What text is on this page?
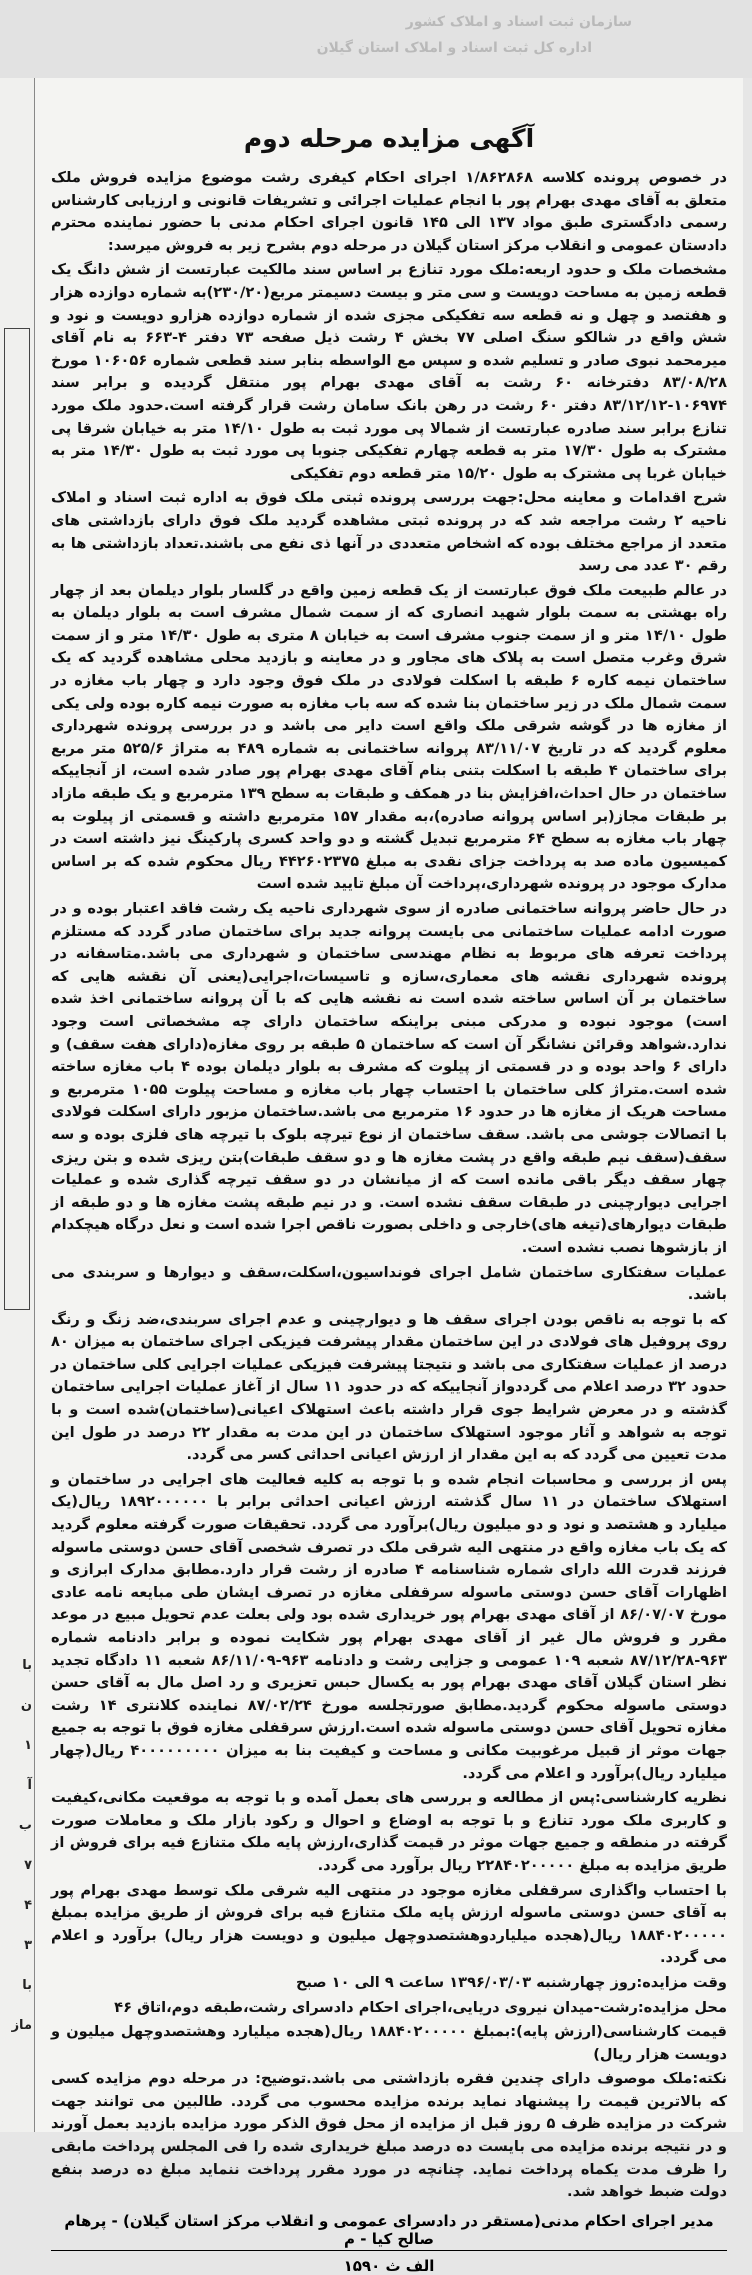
سازمان ثبت اسناد و املاک کشور
اداره کل ثبت اسناد و املاک استان گیلان
با
ن
۱
آ
ب
۷
۴
۳
با
ماز
آگهی مزایده مرحله دوم

در خصوص پرونده کلاسه ۱/۸۶۲۸۶۸ اجرای احکام کیفری رشت موضوع مزایده فروش ملک متعلق به آقای مهدی بهرام پور با انجام عملیات اجرائی و تشریفات قانونی و ارزیابی کارشناس رسمی دادگستری طبق مواد ۱۳۷ الی ۱۴۵ قانون اجرای احکام مدنی با حضور نماینده محترم دادستان عمومی و انقلاب مرکز استان گیلان در مرحله دوم بشرح زیر به فروش میرسد:

مشخصات ملک و حدود اربعه:ملک مورد تنازع بر اساس سند مالکیت عبارتست از شش دانگ یک قطعه زمین به مساحت دویست و سی متر و بیست دسیمتر مربع(۲۳۰/۲۰)به شماره دوازده هزار و هفتصد و چهل و نه قطعه سه تفکیکی مجزی شده از شماره دوازده هزارو دویست و نود و شش واقع در شالکو سنگ اصلی ۷۷ بخش ۴ رشت ذیل صفحه ۷۳ دفتر ۴-۶۶۳ به نام آقای میرمحمد نبوی صادر و تسلیم شده و سپس مع الواسطه بنابر سند قطعی شماره ۱۰۶۰۵۶ مورخ ۸۳/۰۸/۲۸ دفترخانه ۶۰ رشت به آقای مهدی بهرام پور منتقل گردیده و برابر سند ۱۰۶۹۷۴-۸۳/۱۲/۱۲ دفتر ۶۰ رشت در رهن بانک سامان رشت قرار گرفته است.حدود ملک مورد تنازع برابر سند صادره عبارتست از شمالا پی مورد ثبت به طول ۱۴/۱۰ متر به خیابان شرقا پی مشترک به طول ۱۷/۳۰ متر به قطعه چهارم تفکیکی جنوبا پی مورد ثبت به طول ۱۴/۳۰ متر به خیابان غربا پی مشترک به طول ۱۵/۲۰ متر قطعه دوم تفکیکی

شرح اقدامات و معاینه محل:جهت بررسی پرونده ثبتی ملک فوق به اداره ثبت اسناد و املاک ناحیه ۲ رشت مراجعه شد که در پرونده ثبتی مشاهده گردید ملک فوق دارای بازداشتی های متعدد از مراجع مختلف بوده که اشخاص متعددی در آنها ذی نفع می باشند.تعداد بازداشتی ها به رقم ۳۰ عدد می رسد

در عالم طبیعت ملک فوق عبارتست از یک قطعه زمین واقع در گلسار بلوار دیلمان بعد از چهار راه بهشتی به سمت بلوار شهید انصاری که از سمت شمال مشرف است به بلوار دیلمان به طول ۱۴/۱۰ متر و از سمت جنوب مشرف است به خیابان ۸ متری به طول ۱۴/۳۰ متر و از سمت شرق وغرب متصل است به پلاک های مجاور و در معاینه و بازدید محلی مشاهده گردید که یک ساختمان نیمه کاره ۶ طبقه با اسکلت فولادی در ملک فوق وجود دارد و چهار باب مغازه در سمت شمال ملک در زیر ساختمان بنا شده که سه باب مغازه به صورت نیمه کاره بوده ولی یکی از مغازه ها در گوشه شرقی ملک واقع است دایر می باشد و در بررسی پرونده شهرداری معلوم گردید که در تاریخ ۸۳/۱۱/۰۷ پروانه ساختمانی به شماره ۴۸۹ به متراژ ۵۲۵/۶ متر مربع برای ساختمان ۴ طبقه با اسکلت بتنی بنام آقای مهدی بهرام پور صادر شده است، از آنجاییکه ساختمان در حال احداث،افزایش بنا در همکف و طبقات به سطح ۱۳۹ مترمربع و یک طبقه مازاد بر طبقات مجاز(بر اساس پروانه صادره)،به مقدار ۱۵۷ مترمربع داشته و قسمتی از پیلوت به چهار باب مغازه به سطح ۶۴ مترمربع تبدیل گشته و دو واحد کسری پارکینگ نیز داشته است در کمیسیون ماده صد به پرداخت جزای نقدی به مبلغ ۴۴۲۶۰۲۳۷۵ ریال محکوم شده که بر اساس مدارک موجود در پرونده شهرداری،پرداخت آن مبلغ تایید شده است

در حال حاضر پروانه ساختمانی صادره از سوی شهرداری ناحیه یک رشت فاقد اعتبار بوده و در صورت ادامه عملیات ساختمانی می بایست پروانه جدید برای ساختمان صادر گردد که مستلزم پرداخت تعرفه های مربوط به نظام مهندسی ساختمان و شهرداری می باشد.متاسفانه در پرونده شهرداری نقشه های معماری،سازه و تاسیسات،اجرایی(یعنی آن نقشه هایی که ساختمان بر آن اساس ساخته شده است نه نقشه هایی که با آن پروانه ساختمانی اخذ شده است) موجود نبوده و مدرکی مبنی براینکه ساختمان دارای چه مشخصاتی است وجود ندارد.شواهد وقرائن نشانگر آن است که ساختمان ۵ طبقه بر روی مغازه(دارای هفت سقف) و دارای ۶ واحد بوده و در قسمتی از پیلوت که مشرف به بلوار دیلمان بوده ۴ باب مغازه ساخته شده است.متراژ کلی ساختمان با احتساب چهار باب مغازه و مساحت پیلوت ۱۰۵۵ مترمربع و مساحت هریک از مغازه ها در حدود ۱۶ مترمربع می باشد.ساختمان مزبور دارای اسکلت فولادی با اتصالات جوشی می باشد. سقف ساختمان از نوع تیرچه بلوک با تیرچه های فلزی بوده و سه سقف(سقف نیم طبقه واقع در پشت مغازه ها و دو سقف طبقات)بتن ریزی شده و بتن ریزی چهار سقف دیگر باقی مانده است که از میانشان در دو سقف تیرچه گذاری شده و عملیات اجرایی دیوارچینی در طبقات سقف نشده است. و در نیم طبقه پشت مغازه ها و دو طبقه از طبقات دیوارهای(تیغه های)خارجی و داخلی بصورت ناقص اجرا شده است و نعل درگاه هیچکدام از بازشوها نصب نشده است.

عملیات سفتکاری ساختمان شامل اجرای فونداسیون،اسکلت،سقف و دیوارها و سربندی می باشد.

که با توجه به ناقص بودن اجرای سقف ها و دیوارچینی و عدم اجرای سربندی،ضد زنگ و رنگ روی پروفیل های فولادی در این ساختمان مقدار پیشرفت فیزیکی اجرای ساختمان به میزان ۸۰ درصد از عملیات سفتکاری می باشد و نتیجتا پیشرفت فیزیکی عملیات اجرایی کلی ساختمان در حدود ۳۲ درصد اعلام می گرددواز آنجاییکه که در حدود ۱۱ سال از آغاز عملیات اجرایی ساختمان گذشته و در معرض شرایط جوی قرار داشته باعث استهلاک اعیانی(ساختمان)شده است و با توجه به شواهد و آثار موجود استهلاک ساختمان در این مدت به مقدار ۲۲ درصد در طول این مدت تعیین می گردد که به این مقدار از ارزش اعیانی احداثی کسر می گردد.

پس از بررسی و محاسبات انجام شده و با توجه به کلیه فعالیت های اجرایی در ساختمان و استهلاک ساختمان در ۱۱ سال گذشته ارزش اعیانی احداثی برابر با ۱۸۹۲۰۰۰۰۰۰ ریال(یک میلیارد و هشتصد و نود و دو میلیون ریال)برآورد می گردد. تحقیقات صورت گرفته معلوم گردید که یک باب مغازه واقع در منتهی الیه شرقی ملک در تصرف شخصی آقای حسن دوستی ماسوله فرزند قدرت الله دارای شماره شناسنامه ۴ صادره از رشت قرار دارد.مطابق مدارک ابرازی و اظهارات آقای حسن دوستی ماسوله سرقفلی مغازه در تصرف ایشان طی مبایعه نامه عادی مورخ ۸۶/۰۷/۰۷ از آقای مهدی بهرام پور خریداری شده بود ولی بعلت عدم تحویل مبیع در موعد مقرر و فروش مال غیر از آقای مهدی بهرام پور شکایت نموده و برابر دادنامه شماره ۹۶۳-۸۷/۱۲/۲۸ شعبه ۱۰۹ عمومی و جزایی رشت و دادنامه ۹۶۳-۸۶/۱۱/۰۹ شعبه ۱۱ دادگاه تجدید نظر استان گیلان آقای مهدی بهرام پور به یکسال حبس تعزیری و رد اصل مال به آقای حسن دوستی ماسوله محکوم گردید.مطابق صورتجلسه مورخ ۸۷/۰۲/۲۴ نماینده کلانتری ۱۴ رشت مغازه تحویل آقای حسن دوستی ماسوله شده است.ارزش سرقفلی مغازه فوق با توجه به جمیع جهات موثر از قبیل مرغوبیت مکانی و مساحت و کیفیت بنا به میزان ۴۰۰۰۰۰۰۰۰۰ ریال(چهار میلیارد ریال)برآورد و اعلام می گردد.

نظریه کارشناسی:پس از مطالعه و بررسی های بعمل آمده و با توجه به موقعیت مکانی،کیفیت و کاربری ملک مورد تنازع و با توجه به اوضاع و احوال و رکود بازار ملک و معاملات صورت گرفته در منطقه و جمیع جهات موثر در قیمت گذاری،ارزش پایه ملک متنازع فیه برای فروش از طریق مزایده به مبلغ ۲۲۸۴۰۲۰۰۰۰۰ ریال برآورد می گردد.

با احتساب واگذاری سرقفلی مغازه موجود در منتهی الیه شرقی ملک توسط مهدی بهرام پور به آقای حسن دوستی ماسوله ارزش پایه ملک متنازع فیه برای فروش از طریق مزایده بمبلغ ۱۸۸۴۰۲۰۰۰۰۰ ریال(هجده میلیاردوهشتصدوچهل میلیون و دویست هزار ریال) برآورد و اعلام می گردد.

وقت مزایده:روز چهارشنبه ۱۳۹۶/۰۳/۰۳ ساعت ۹ الی ۱۰ صبح

محل مزایده:رشت-میدان نیروی دریایی،اجرای احکام دادسرای رشت،طبقه دوم،اتاق ۴۶

قیمت کارشناسی(ارزش پایه):بمبلغ ۱۸۸۴۰۲۰۰۰۰۰ ریال(هجده میلیارد وهشتصدوچهل میلیون و دویست هزار ریال)

نکته:ملک موصوف دارای چندین فقره بازداشتی می باشد.توضیح: در مرحله دوم مزایده کسی که بالاترین قیمت را پیشنهاد نماید برنده مزایده محسوب می گردد. طالبین می توانند جهت شرکت در مزایده ظرف ۵ روز قبل از مزایده از محل فوق الذکر مورد مزایده بازدید بعمل آورند و در نتیجه برنده مزایده می بایست ده درصد مبلغ خریداری شده را فی المجلس پرداخت مابقی را ظرف مدت یکماه پرداخت نماید. چنانچه در مورد مقرر پرداخت ننماید مبلغ ده درصد بنفع دولت ضبط خواهد شد.

مدیر اجرای احکام مدنی(مستقر در دادسرای عمومی و انقلاب مرکز استان گیلان) - پرهام صالح کیا - م
الف ث ۱۵۹۰
